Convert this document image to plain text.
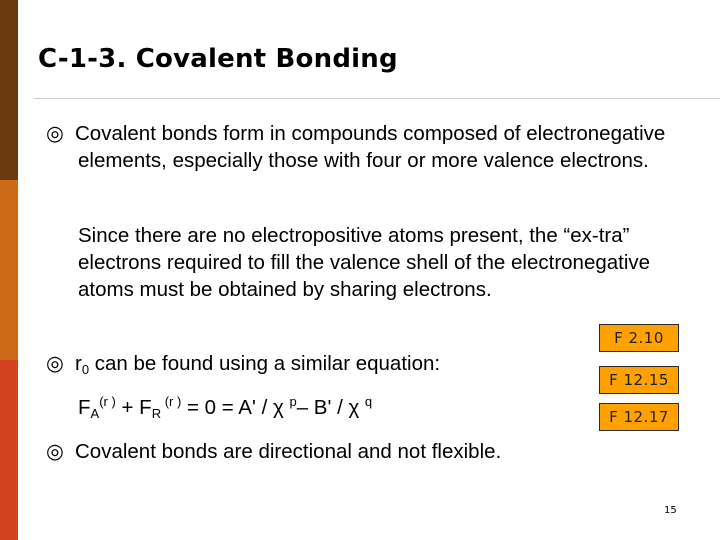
C-1-3. Covalent Bonding
◎ Covalent bonds form in compounds composed of electronegative elements, especially those with four or more valence electrons.
Since there are no electropositive atoms present, the “ex-tra” electrons required to fill the valence shell of the electronegative atoms must be obtained by sharing electrons.
◎ $r_0$ can be found using a similar equation:
$F_A^{(r )} + F_R$ $^{(r )}$ = 0 = A' / χ $^p$– B' / χ $^q$
◎ Covalent bonds are directional and not flexible.
F 2.10
F 12.15
F 12.17
15
